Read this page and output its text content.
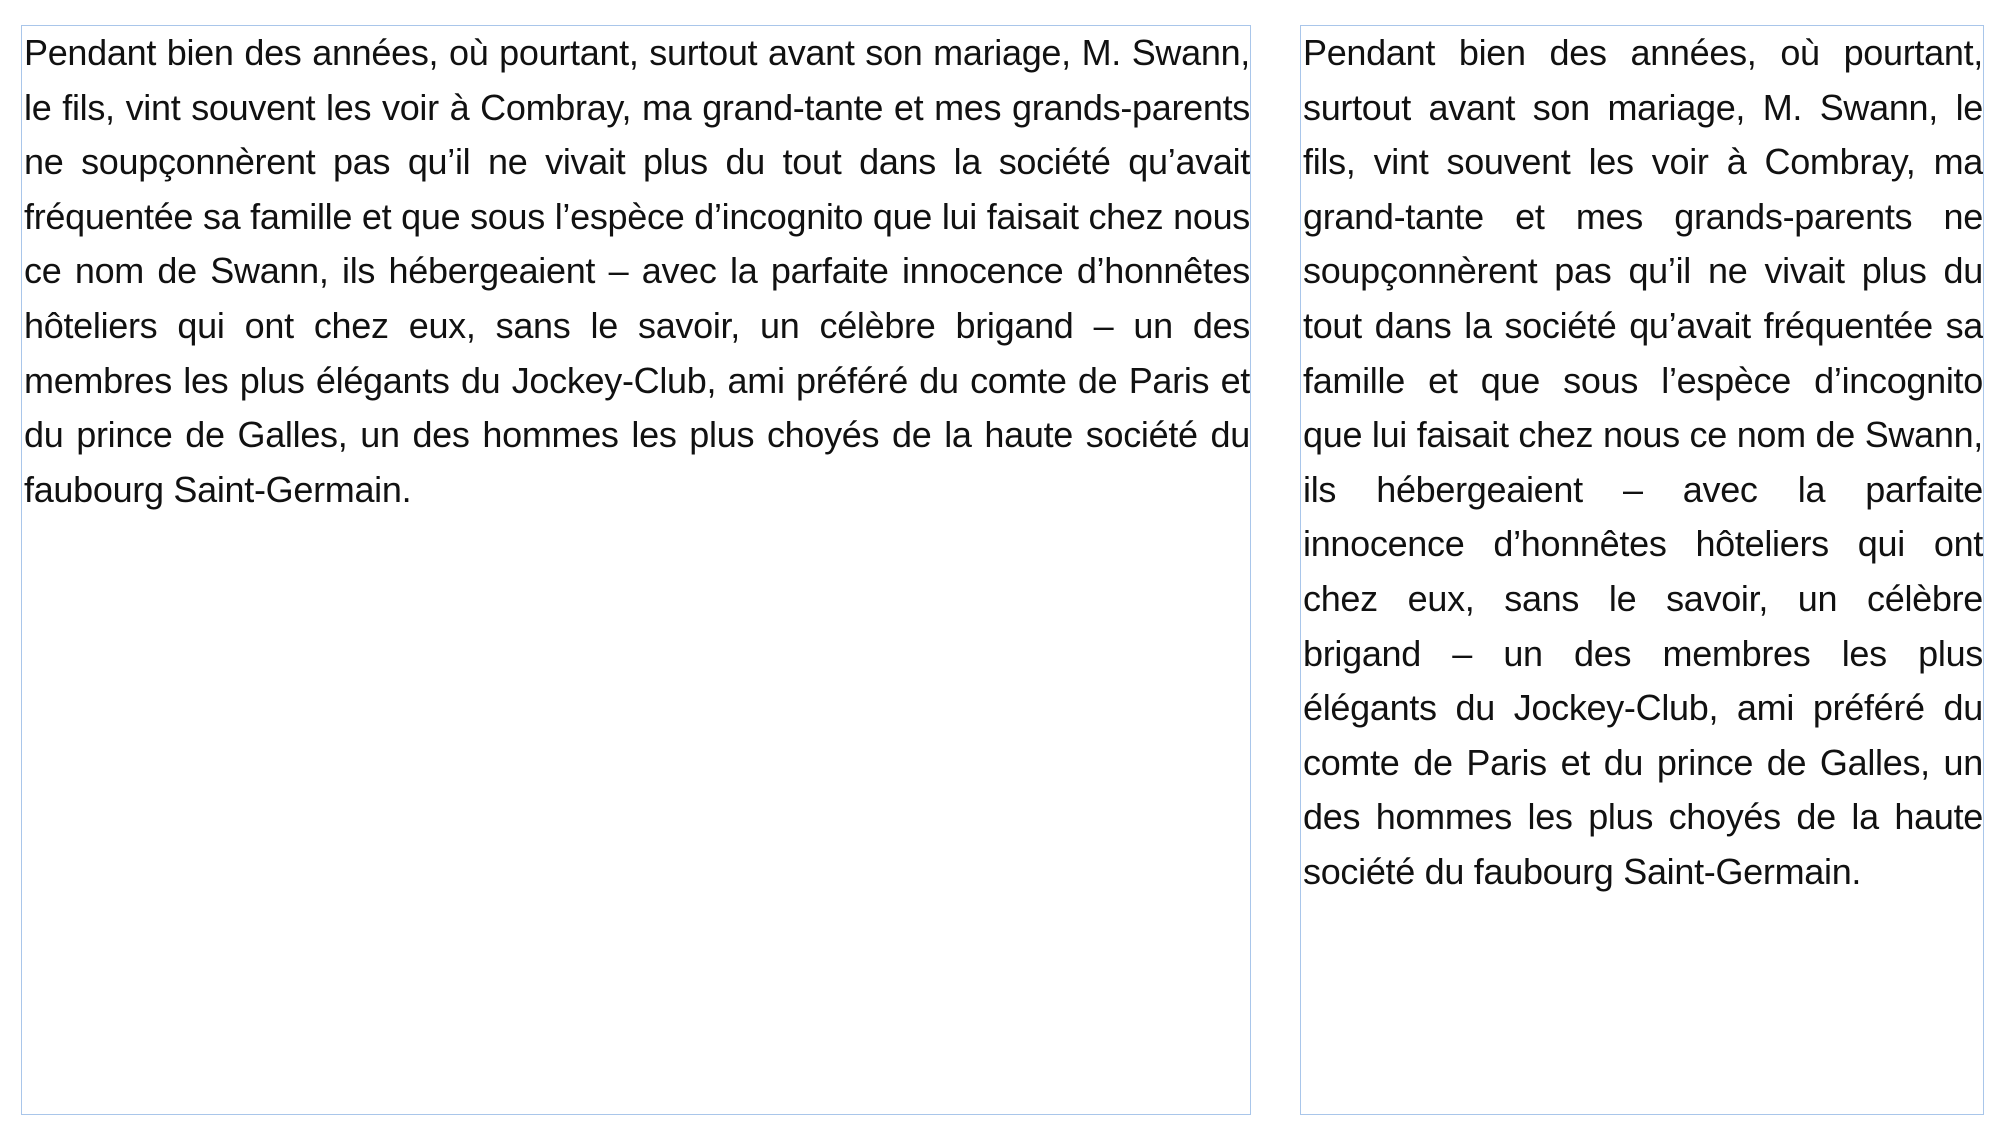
Pendant bien des années, où pourtant, surtout avant son mariage, M. Swann, le fils, vint souvent les voir à Combray, ma grand-tante et mes grands-parents ne soupçonnèrent pas qu’il ne vivait plus du tout dans la société qu’avait fréquentée sa famille et que sous l’espèce d’incognito que lui faisait chez nous ce nom de Swann, ils hébergeaient – avec la parfaite innocence d’honnêtes hôteliers qui ont chez eux, sans le savoir, un célèbre brigand – un des membres les plus élégants du Jockey-Club, ami préféré du comte de Paris et du prince de Galles, un des hommes les plus choyés de la haute société du faubourg Saint-Germain.

Pendant bien des années, où pourtant, surtout avant son mariage, M. Swann, le fils, vint souvent les voir à Combray, ma grand-tante et mes grands-parents ne soupçonnèrent pas qu’il ne vivait plus du tout dans la société qu’avait fréquentée sa famille et que sous l’espèce d’incognito que lui faisait chez nous ce nom de Swann, ils hébergeaient – avec la parfaite innocence d’honnêtes hôteliers qui ont chez eux, sans le savoir, un célèbre brigand – un des membres les plus élégants du Jockey-Club, ami préféré du comte de Paris et du prince de Galles, un des hommes les plus choyés de la haute société du faubourg Saint-Germain.
